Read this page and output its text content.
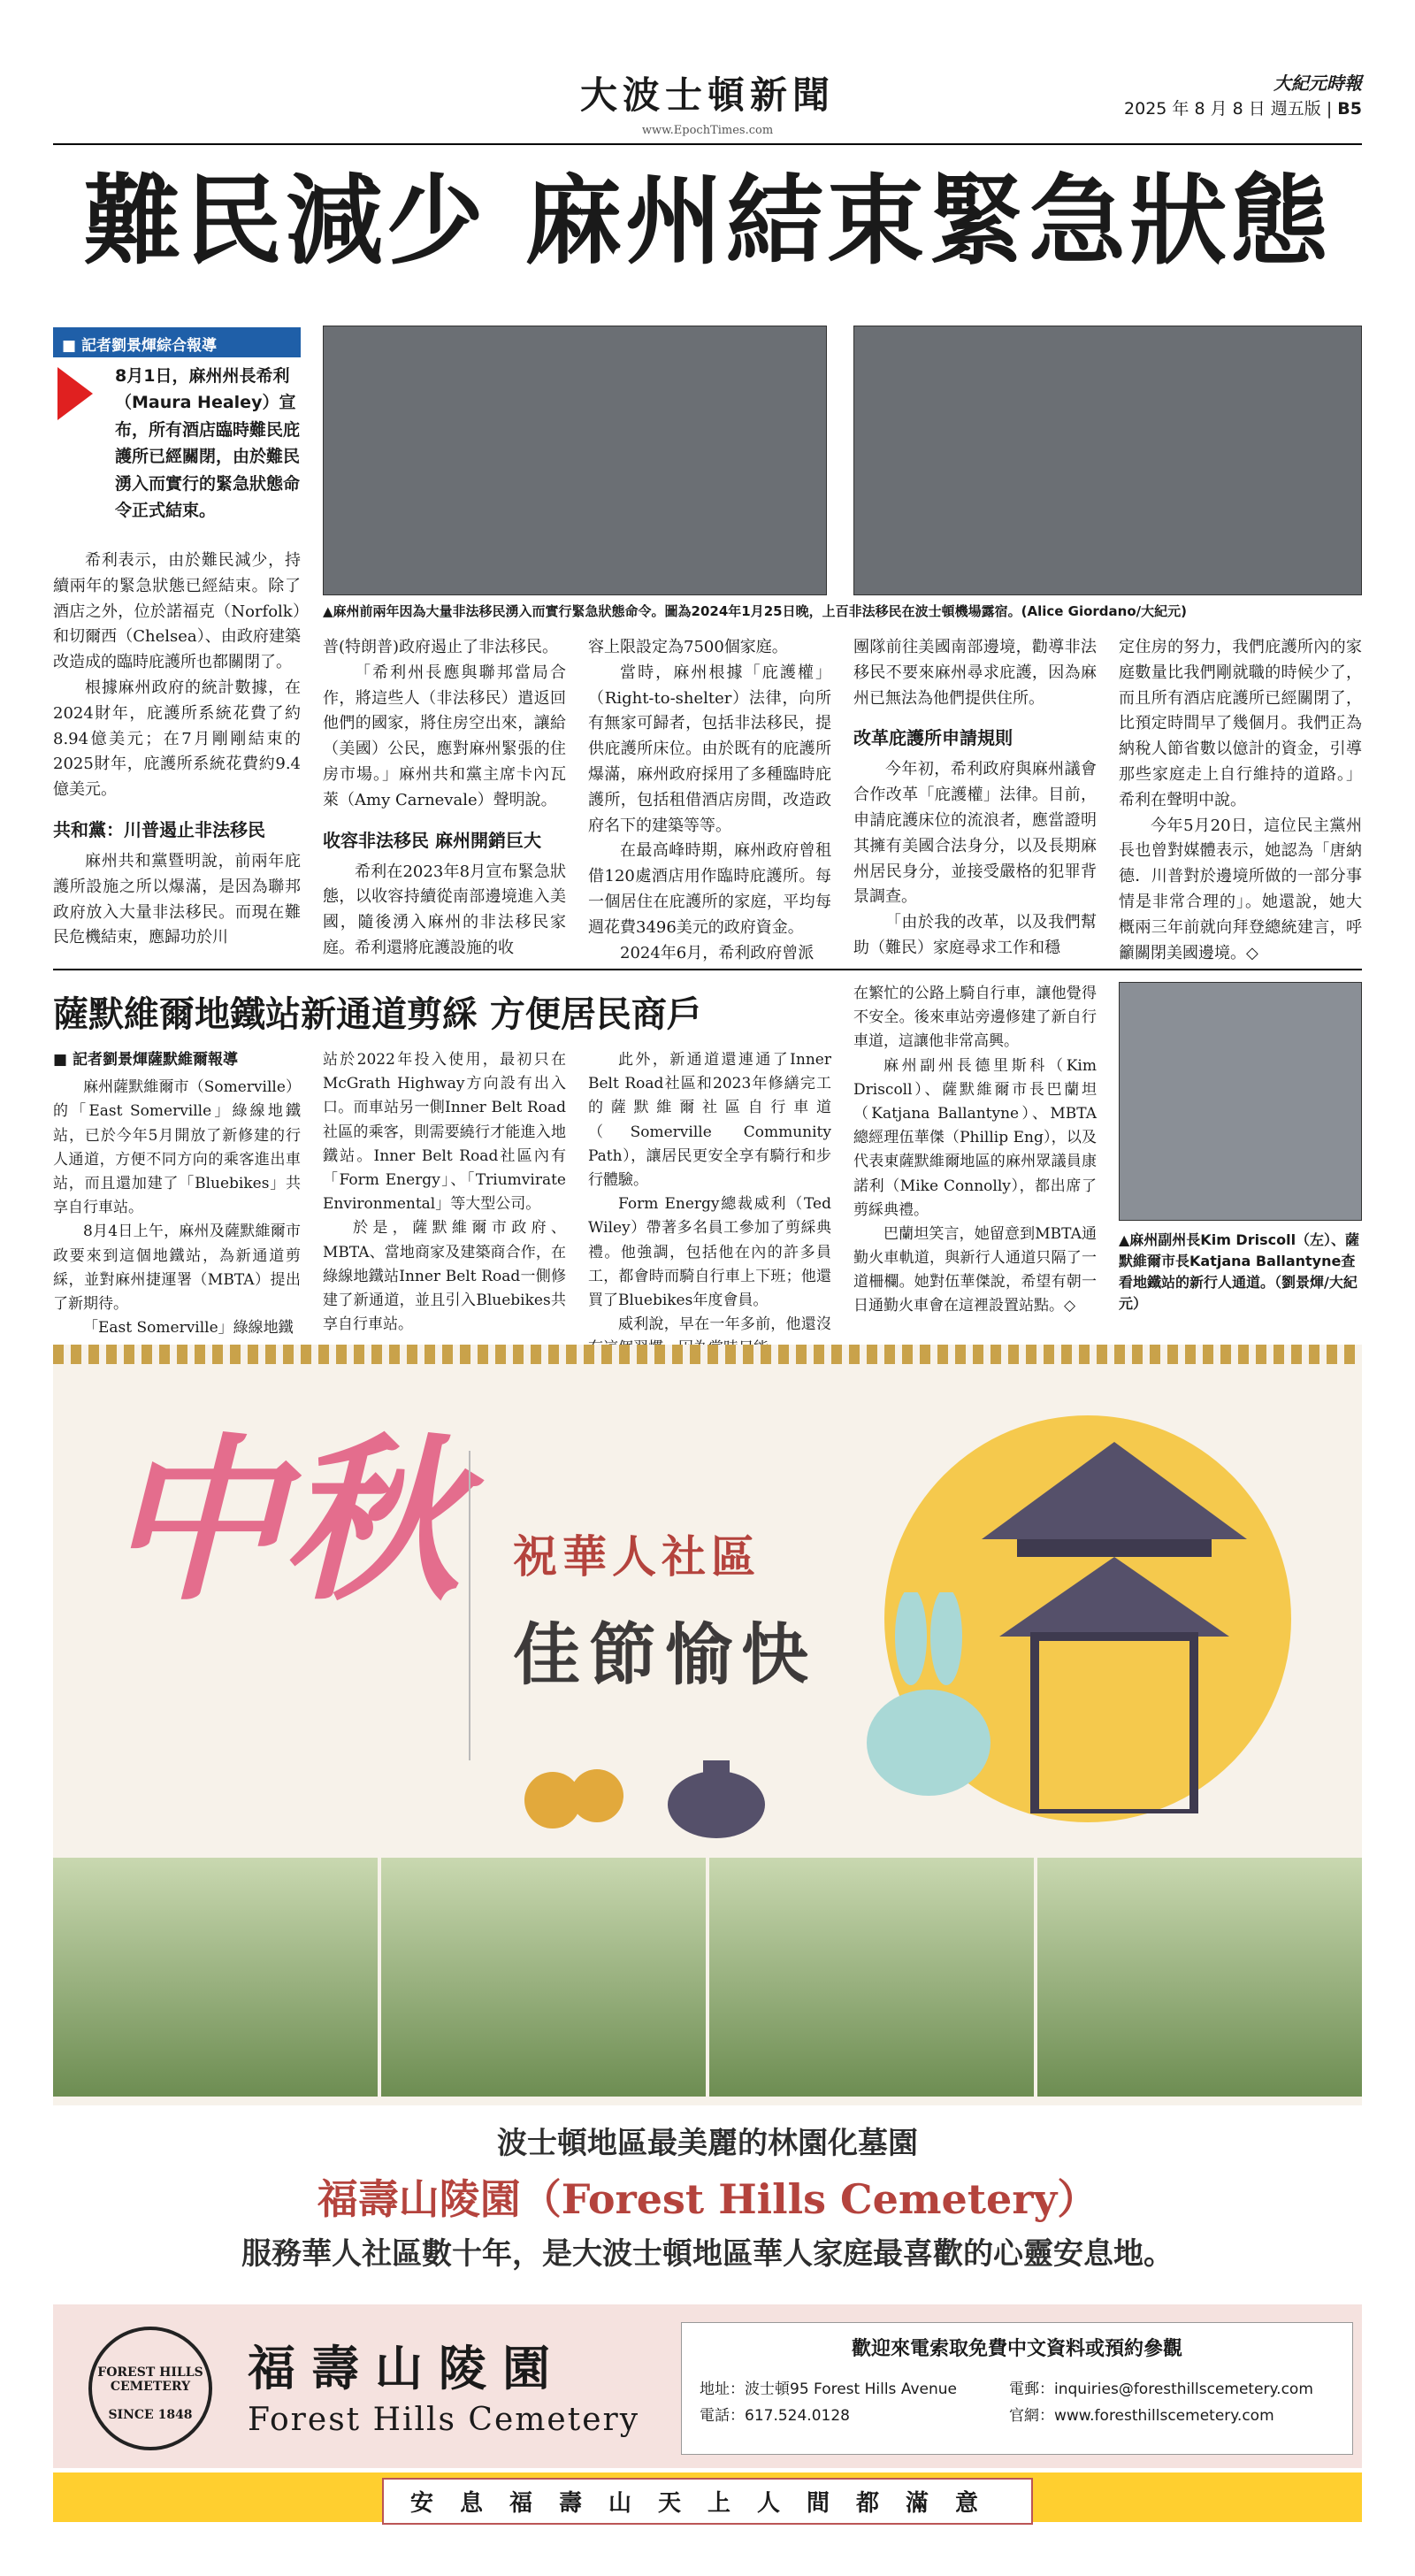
大波士頓新聞
www.EpochTimes.com
大紀元時報
2025 年 8 月 8 日 週五版 | B5
難民減少 麻州結束緊急狀態
■ 記者劉景煇綜合報導
8月1日，麻州州長希利（Maura Healey）宣布，所有酒店臨時難民庇護所已經關閉，由於難民湧入而實行的緊急狀態命令正式結束。
▲麻州前兩年因為大量非法移民湧入而實行緊急狀態命令。圖為2024年1月25日晚，上百非法移民在波士頓機場露宿。(Alice Giordano/大紀元)

希利表示，由於難民減少，持續兩年的緊急狀態已經結束。除了酒店之外，位於諾福克（Norfolk）和切爾西（Chelsea）、由政府建築改造成的臨時庇護所也都關閉了。

根據麻州政府的統計數據，在2024財年，庇護所系統花費了約8.94億美元；在7月剛剛結束的2025財年，庇護所系統花費約9.4億美元。

共和黨：川普遏止非法移民

麻州共和黨暨明說，前兩年庇護所設施之所以爆滿，是因為聯邦政府放入大量非法移民。而現在難民危機結束，應歸功於川

普(特朗普)政府遏止了非法移民。

「希利州長應與聯邦當局合作，將這些人（非法移民）遣返回他們的國家，將住房空出來，讓給（美國）公民，應對麻州緊張的住房市場。」麻州共和黨主席卡內瓦萊（Amy Carnevale）聲明說。

收容非法移民 麻州開銷巨大

希利在2023年8月宣布緊急狀態，以收容持續從南部邊境進入美國，隨後湧入麻州的非法移民家庭。希利還將庇護設施的收

容上限設定為7500個家庭。

當時，麻州根據「庇護權」（Right-to-shelter）法律，向所有無家可歸者，包括非法移民，提供庇護所床位。由於既有的庇護所爆滿，麻州政府採用了多種臨時庇護所，包括租借酒店房間，改造政府名下的建築等等。

在最高峰時期，麻州政府曾租借120處酒店用作臨時庇護所。每一個居住在庇護所的家庭，平均每週花費3496美元的政府資金。

2024年6月，希利政府曾派

團隊前往美國南部邊境，勸導非法移民不要來麻州尋求庇護，因為麻州已無法為他們提供住所。

改革庇護所申請規則

今年初，希利政府與麻州議會合作改革「庇護權」法律。目前，申請庇護床位的流浪者，應當證明其擁有美國合法身分，以及長期麻州居民身分，並接受嚴格的犯罪背景調查。

「由於我的改革，以及我們幫助（難民）家庭尋求工作和穩

定住房的努力，我們庇護所內的家庭數量比我們剛就職的時候少了，而且所有酒店庇護所已經關閉了，比預定時間早了幾個月。我們正為納稅人節省數以億計的資金，引導那些家庭走上自行維持的道路。」希利在聲明中說。

今年5月20日，這位民主黨州長也曾對媒體表示，她認為「唐納德．川普對於邊境所做的一部分事情是非常合理的」。她還說，她大概兩三年前就向拜登總統建言，呼籲關閉美國邊境。◇

薩默維爾地鐵站新通道剪綵 方便居民商戶
■ 記者劉景煇薩默維爾報導

麻州薩默維爾市（Somerville）的「East Somerville」綠線地鐵站，已於今年5月開放了新修建的行人通道，方便不同方向的乘客進出車站，而且還加建了「Bluebikes」共享自行車站。

8月4日上午，麻州及薩默維爾市政要來到這個地鐵站，為新通道剪綵，並對麻州捷運署（MBTA）提出了新期待。

「East Somerville」綠線地鐵

站於2022年投入使用，最初只在McGrath Highway方向設有出入口。而車站另一側Inner Belt Road社區的乘客，則需要繞行才能進入地鐵站。Inner Belt Road社區內有「Form Energy」、「Triumvirate Environmental」等大型公司。

於是，薩默維爾市政府、MBTA、當地商家及建築商合作，在綠線地鐵站Inner Belt Road一側修建了新通道，並且引入Bluebikes共享自行車站。

此外，新通道還連通了Inner Belt Road社區和2023年修繕完工的薩默維爾社區自行車道（Somerville Community Path），讓居民更安全享有騎行和步行體驗。

Form Energy總裁威利（Ted Wiley）帶著多名員工參加了剪綵典禮。他強調，包括他在內的許多員工，都會時而騎自行車上下班；他還買了Bluebikes年度會員。

威利說，早在一年多前，他還沒

在繁忙的公路上騎自行車，讓他覺得不安全。後來車站旁邊修建了新自行車道，這讓他非常高興。

麻州副州長德里斯科（Kim Driscoll）、薩默維爾市長巴蘭坦（Katjana Ballantyne）、MBTA總經理伍華傑（Phillip Eng），以及代表東薩默維爾地區的麻州眾議員康諾利（Mike Connolly），都出席了剪綵典禮。

巴蘭坦笑言，她留意到MBTA通勤火車軌道，與新行人通道只隔了一道柵欄。她對伍華傑說，希望有朝一日通勤火車會在這裡設置站點。◇

▲麻州副州長Kim Driscoll（左）、薩默維爾市長Katjana Ballantyne查看地鐵站的新行人通道。（劉景煇/大紀元）
中秋	祝華人社區
佳節愉快
波士頓地區最美麗的林園化墓園
福壽山陵園（Forest Hills Cemetery）
服務華人社區數十年，是大波士頓地區華人家庭最喜歡的心靈安息地。
FOREST HILLS CEMETERY

SINCE 1848
福壽山陵園
Forest Hills Cemetery
歡迎來電索取免費中文資料或預約參觀
地址：波士頓95 Forest Hills Avenue
電話：617.524.0128
電郵：inquiries@foresthillscemetery.com
官網：www.foresthillscemetery.com
安息福壽山天上人間都滿意
